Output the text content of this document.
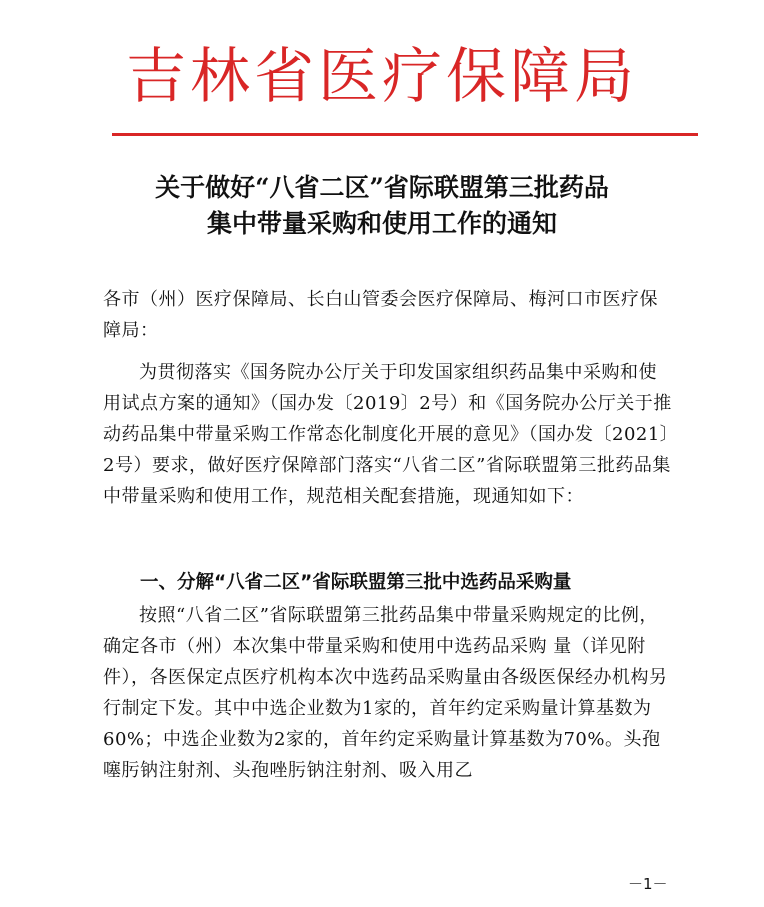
吉林省医疗保障局
关于做好“八省二区”省际联盟第三批药品
集中带量采购和使用工作的通知
各市（州）医疗保障局、长白山管委会医疗保障局、梅河口市医疗保障局：
为贯彻落实《国务院办公厅关于印发国家组织药品集中采购和使用试点方案的通知》（国办发〔2019〕2号）和《国务院办公厅关于推动药品集中带量采购工作常态化制度化开展的意见》（国办发〔2021〕2号）要求，做好医疗保障部门落实“八省二区”省际联盟第三批药品集中带量采购和使用工作，规范相关配套措施，现通知如下：
一、分解“八省二区”省际联盟第三批中选药品采购量
按照“八省二区”省际联盟第三批药品集中带量采购规定的比例，确定各市（州）本次集中带量采购和使用中选药品采购 量（详见附件），各医保定点医疗机构本次中选药品采购量由各级医保经办机构另行制定下发。其中中选企业数为1家的，首年约定采购量计算基数为60%；中选企业数为2家的，首年约定采购量计算基数为70%。头孢噻肟钠注射剂、头孢唑肟钠注射剂、吸入用乙
－1－
